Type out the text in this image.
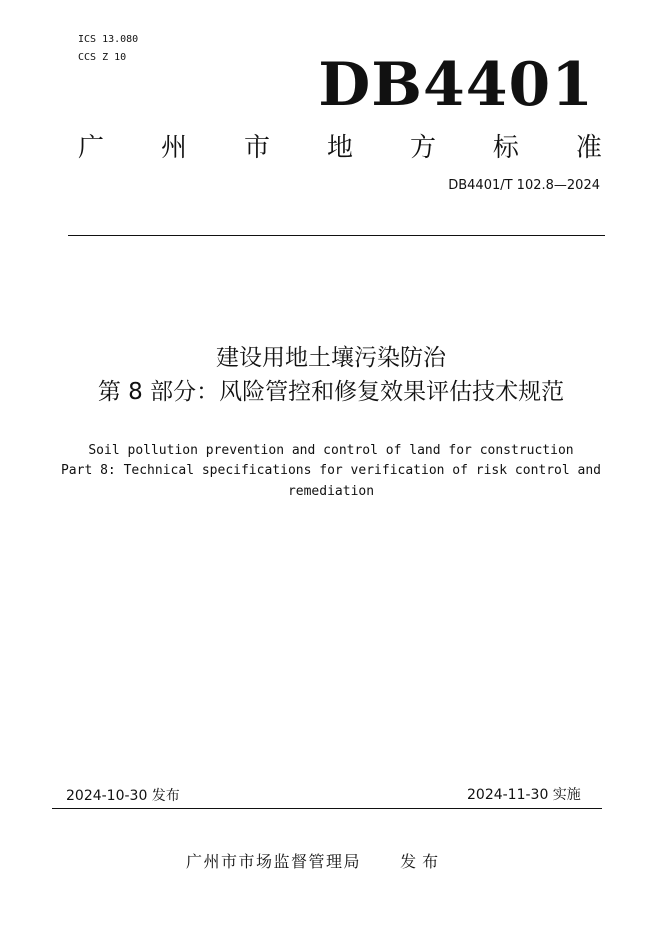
ICS 13.080
CCS Z 10	DB4401
广 州 市 地 方 标 准
DB4401/T 102.8—2024
建设用地土壤污染防治
第 8 部分：风险管控和修复效果评估技术规范
Soil pollution prevention and control of land for construction
Part 8: Technical specifications for verification of risk control and
remediation
2024-10-30 发布	2024-11-30 实施
广州市市场监督管理局 发布
